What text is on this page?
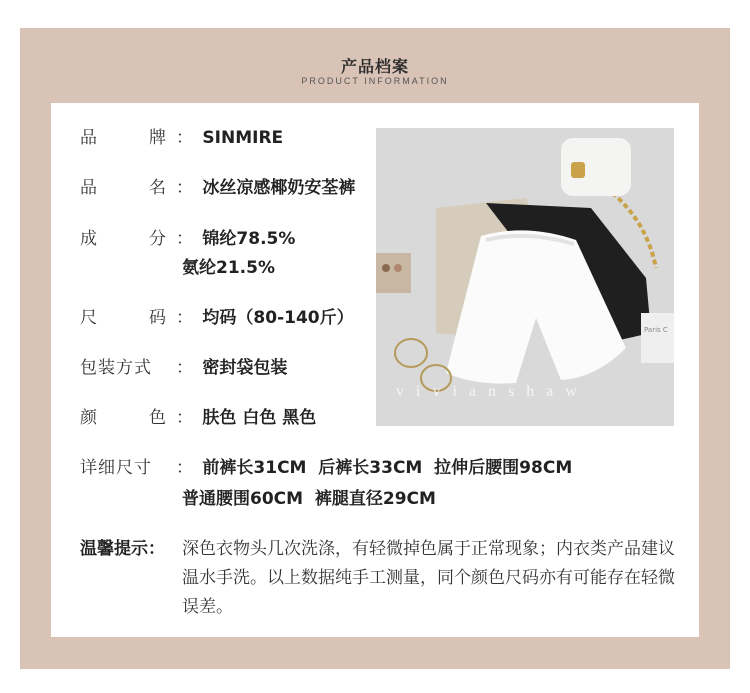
产品档案
PRODUCT INFORMATION
品	牌 ： SINMIRE
品	名 ： 冰丝凉感椰奶安荃裤
成	分 ： 锦纶78.5%
氨纶21.5%
尺	码 ： 均码（80-140斤）
包装方式 ： 密封袋包装
颜	色 ： 肤色 白色 黑色
详细尺寸 ： 前裤长31CM  后裤长33CM  拉伸后腰围98CM
普通腰围60CM  裤腿直径29CM
温馨提示： 深色衣物头几次洗涤，有轻微掉色属于正常现象；内衣类产品建议温水手洗。以上数据纯手工测量，同个颜色尺码亦有可能存在轻微误差。
Paris C
vivianshaw
